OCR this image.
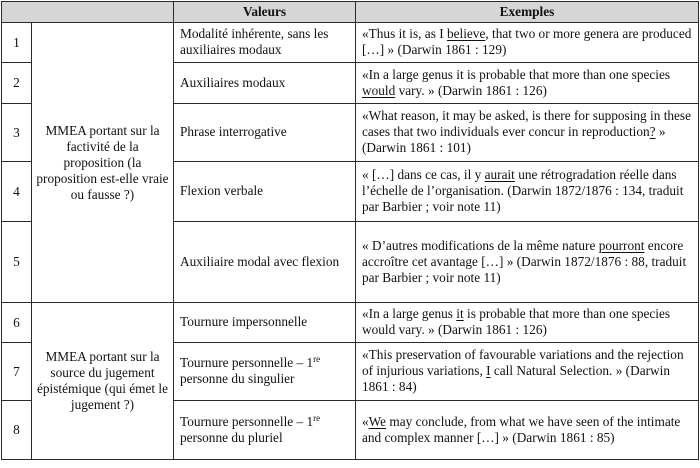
		Valeurs	Exemples
1	MMEA portant sur la factivité de la proposition (la proposition est-elle vraie ou fausse ?)	Modalité inhérente, sans les auxiliaires modaux	«Thus it is, as I believe, that two or more genera are produced […] » (Darwin 1861 : 129)
2		Auxiliaires modaux	«In a large genus it is probable that more than one species would vary. » (Darwin 1861 : 126)
3		Phrase interrogative	«What reason, it may be asked, is there for supposing in these cases that two individuals ever concur in reproduction? » (Darwin 1861 : 101)
4		Flexion verbale	« […] dans ce cas, il y aurait une rétrogradation réelle dans l’échelle de l’organisation. (Darwin 1872/1876 : 134, traduit par Barbier ; voir note 11)
5		Auxiliaire modal avec flexion	« D’autres modifications de la même nature pourront encore accroître cet avantage […] » (Darwin 1872/1876 : 88, traduit par Barbier ; voir note 11)
6	MMEA portant sur la source du jugement épistémique (qui émet le jugement ?)	Tournure impersonnelle	«In a large genus it is probable that more than one species would vary. » (Darwin 1861 : 126)
7		Tournure personnelle – 1re personne du singulier	«This preservation of favourable variations and the rejection of injurious variations, I call Natural Selection. » (Darwin 1861 : 84)
8		Tournure personnelle – 1re personne du pluriel	«We may conclude, from what we have seen of the intimate and complex manner […] » (Darwin 1861 : 85)
